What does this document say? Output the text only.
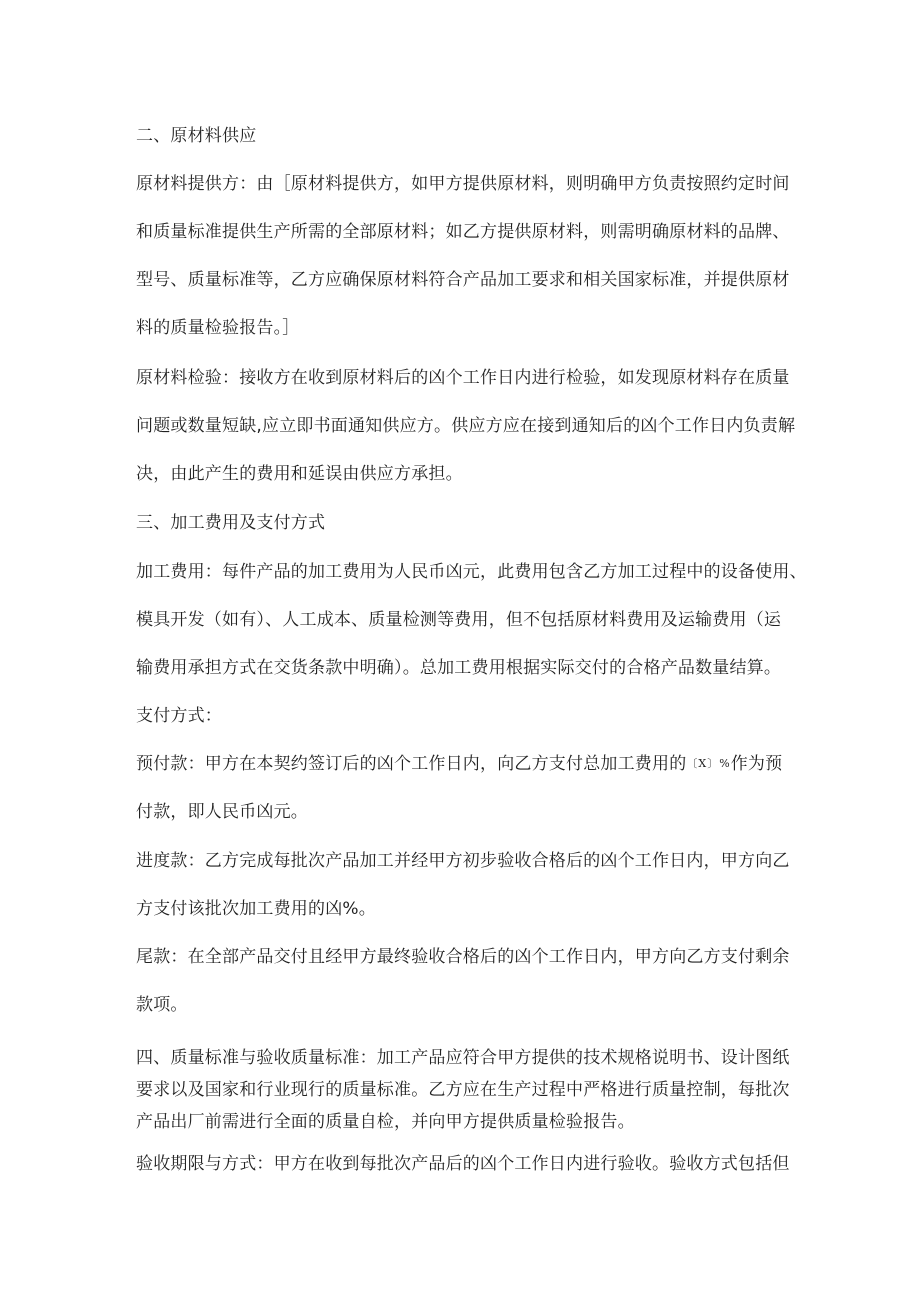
二、原材料供应
原材料提供方：由［原材料提供方，如甲方提供原材料，则明确甲方负责按照约定时间
和质量标准提供生产所需的全部原材料；如乙方提供原材料，则需明确原材料的品牌、
型号、质量标准等，乙方应确保原材料符合产品加工要求和相关国家标准，并提供原材
料的质量检验报告。］
原材料检验：接收方在收到原材料后的凶个工作日内进行检验，如发现原材料存在质量
问题或数量短缺,应立即书面通知供应方。供应方应在接到通知后的凶个工作日内负责解
决，由此产生的费用和延误由供应方承担。
三、加工费用及支付方式
加工费用：每件产品的加工费用为人民币凶元，此费用包含乙方加工过程中的设备使用、
模具开发（如有）、人工成本、质量检测等费用，但不包括原材料费用及运输费用（运
输费用承担方式在交货条款中明确）。总加工费用根据实际交付的合格产品数量结算。
支付方式：
预付款：甲方在本契约签订后的凶个工作日内，向乙方支付总加工费用的〔X〕%作为预
付款，即人民币凶元。
进度款：乙方完成每批次产品加工并经甲方初步验收合格后的凶个工作日内，甲方向乙
方支付该批次加工费用的凶%。
尾款：在全部产品交付且经甲方最终验收合格后的凶个工作日内，甲方向乙方支付剩余
款项。
四、质量标准与验收质量标准：加工产品应符合甲方提供的技术规格说明书、设计图纸
要求以及国家和行业现行的质量标准。乙方应在生产过程中严格进行质量控制，每批次
产品出厂前需进行全面的质量自检，并向甲方提供质量检验报告。
验收期限与方式：甲方在收到每批次产品后的凶个工作日内进行验收。验收方式包括但
